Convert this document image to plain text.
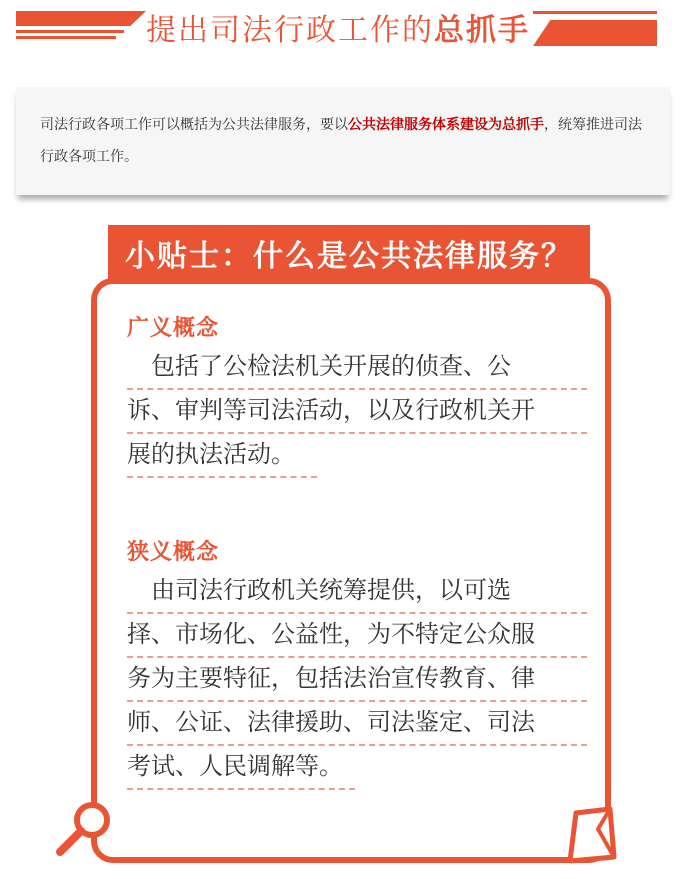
提出司法行政工作的 总抓手

司法行政各项工作可以概括为公共法律服务，要以公共法律服务体系建设为总抓手，统筹推进司法行政各项工作。

小贴士：什么是公共法律服务？
广义概念
　包括了公检法机关开展的侦查、公
诉、审判等司法活动，以及行政机关开
展的执法活动。
狭义概念
　由司法行政机关统筹提供，以可选
择、市场化、公益性，为不特定公众服
务为主要特征，包括法治宣传教育、律
师、公证、法律援助、司法鉴定、司法
考试、人民调解等。
